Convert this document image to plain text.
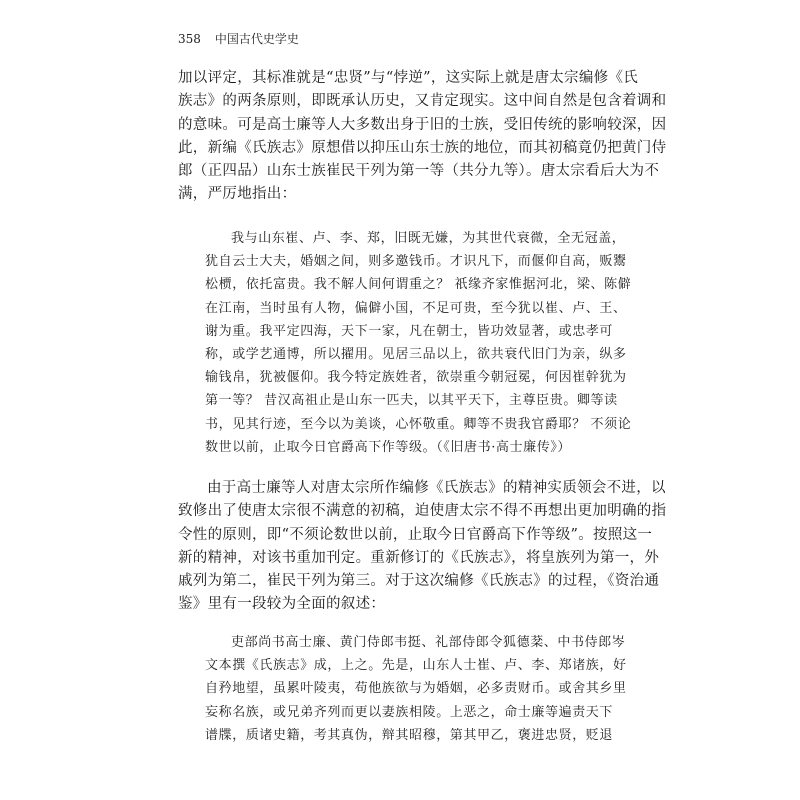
358 中国古代史学史
加以评定，其标准就是“忠贤”与“悖逆”，这实际上就是唐太宗编修《氏
族志》的两条原则，即既承认历史，又肯定现实。这中间自然是包含着调和
的意味。可是高士廉等人大多数出身于旧的士族，受旧传统的影响较深，因
此，新编《氏族志》原想借以抑压山东士族的地位，而其初稿竟仍把黄门侍
郎（正四品）山东士族崔民干列为第一等（共分九等）。唐太宗看后大为不
满，严厉地指出：
我与山东崔、卢、李、郑，旧既无嫌，为其世代衰微，全无冠盖，
犹自云士大夫，婚姻之间，则多邀钱币。才识凡下，而偃仰自高，贩鬻
松槚，依托富贵。我不解人间何谓重之？ 祇缘齐家惟据河北，梁、陈僻
在江南，当时虽有人物，偏僻小国，不足可贵，至今犹以崔、卢、王、
谢为重。我平定四海，天下一家，凡在朝士，皆功效显著，或忠孝可
称，或学艺通博，所以擢用。见居三品以上，欲共衰代旧门为亲，纵多
输钱帛，犹被偃仰。我今特定族姓者，欲崇重今朝冠冕，何因崔幹犹为
第一等？ 昔汉高祖止是山东一匹夫，以其平天下，主尊臣贵。卿等读
书，见其行迹，至今以为美谈，心怀敬重。卿等不贵我官爵耶？ 不须论
数世以前，止取今日官爵高下作等级。（《旧唐书·高士廉传》）
由于高士廉等人对唐太宗所作编修《氏族志》的精神实质领会不进，以
致修出了使唐太宗很不满意的初稿，迫使唐太宗不得不再想出更加明确的指
令性的原则，即“不须论数世以前，止取今日官爵高下作等级”。按照这一
新的精神，对该书重加刊定。重新修订的《氏族志》，将皇族列为第一，外
戚列为第二，崔民干列为第三。对于这次编修《氏族志》的过程，《资治通
鉴》里有一段较为全面的叙述：
吏部尚书高士廉、黄门侍郎韦挺、礼部侍郎令狐德棻、中书侍郎岑
文本撰《氏族志》成，上之。先是，山东人士崔、卢、李、郑诸族，好
自矜地望，虽累叶陵夷，苟他族欲与为婚姻，必多责财币。或舍其乡里
妄称名族，或兄弟齐列而更以妻族相陵。上恶之，命士廉等遍责天下
谱牒，质诸史籍，考其真伪，辩其昭穆，第其甲乙，褒进忠贤，贬退
